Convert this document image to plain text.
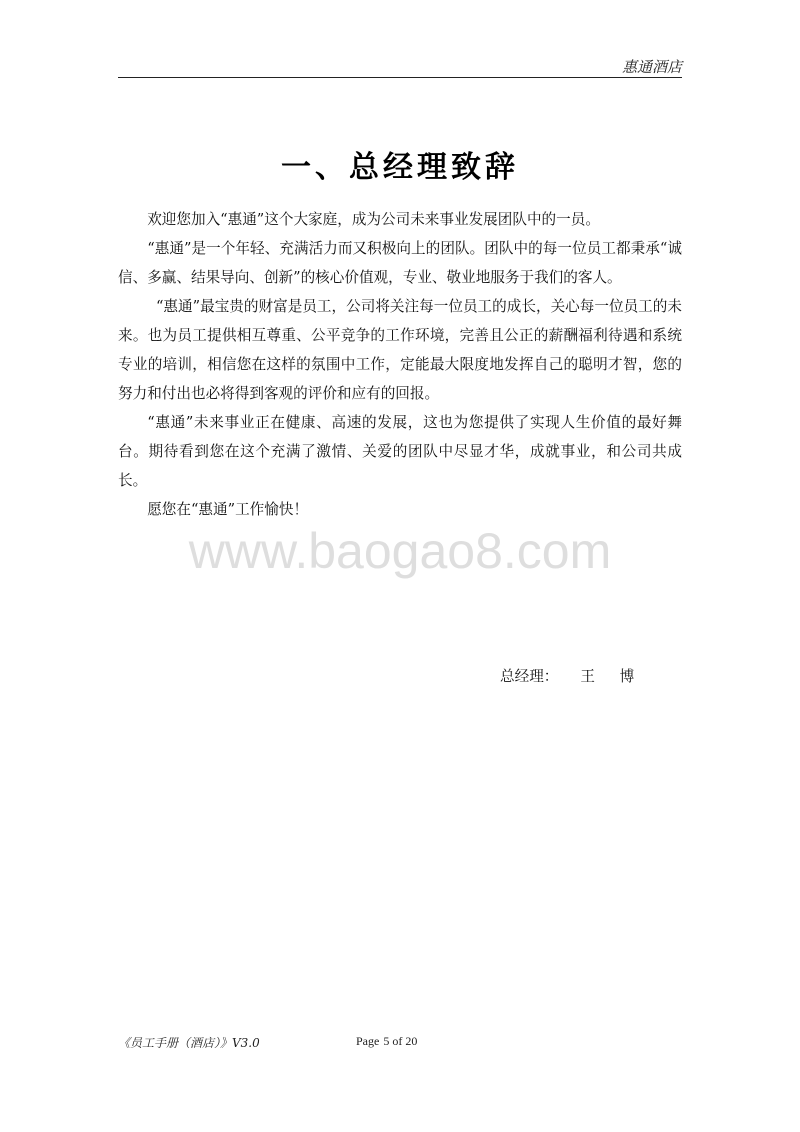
惠通酒店
一、总经理致辞

欢迎您加入“惠通”这个大家庭，成为公司未来事业发展团队中的一员。

“惠通”是一个年轻、充满活力而又积极向上的团队。团队中的每一位员工都秉承“诚信、多赢、结果导向、创新”的核心价值观，专业、敬业地服务于我们的客人。

“惠通”最宝贵的财富是员工，公司将关注每一位员工的成长，关心每一位员工的未来。也为员工提供相互尊重、公平竞争的工作环境，完善且公正的薪酬福利待遇和系统专业的培训，相信您在这样的氛围中工作，定能最大限度地发挥自己的聪明才智，您的努力和付出也必将得到客观的评价和应有的回报。

“惠通”未来事业正在健康、高速的发展，这也为您提供了实现人生价值的最好舞台。期待看到您在这个充满了激情、关爱的团队中尽显才华，成就事业，和公司共成长。

愿您在“惠通”工作愉快！

www.baogao8.com
总经理： 王 博
《员工手册（酒店）》V3.0	Page 5 of 20
